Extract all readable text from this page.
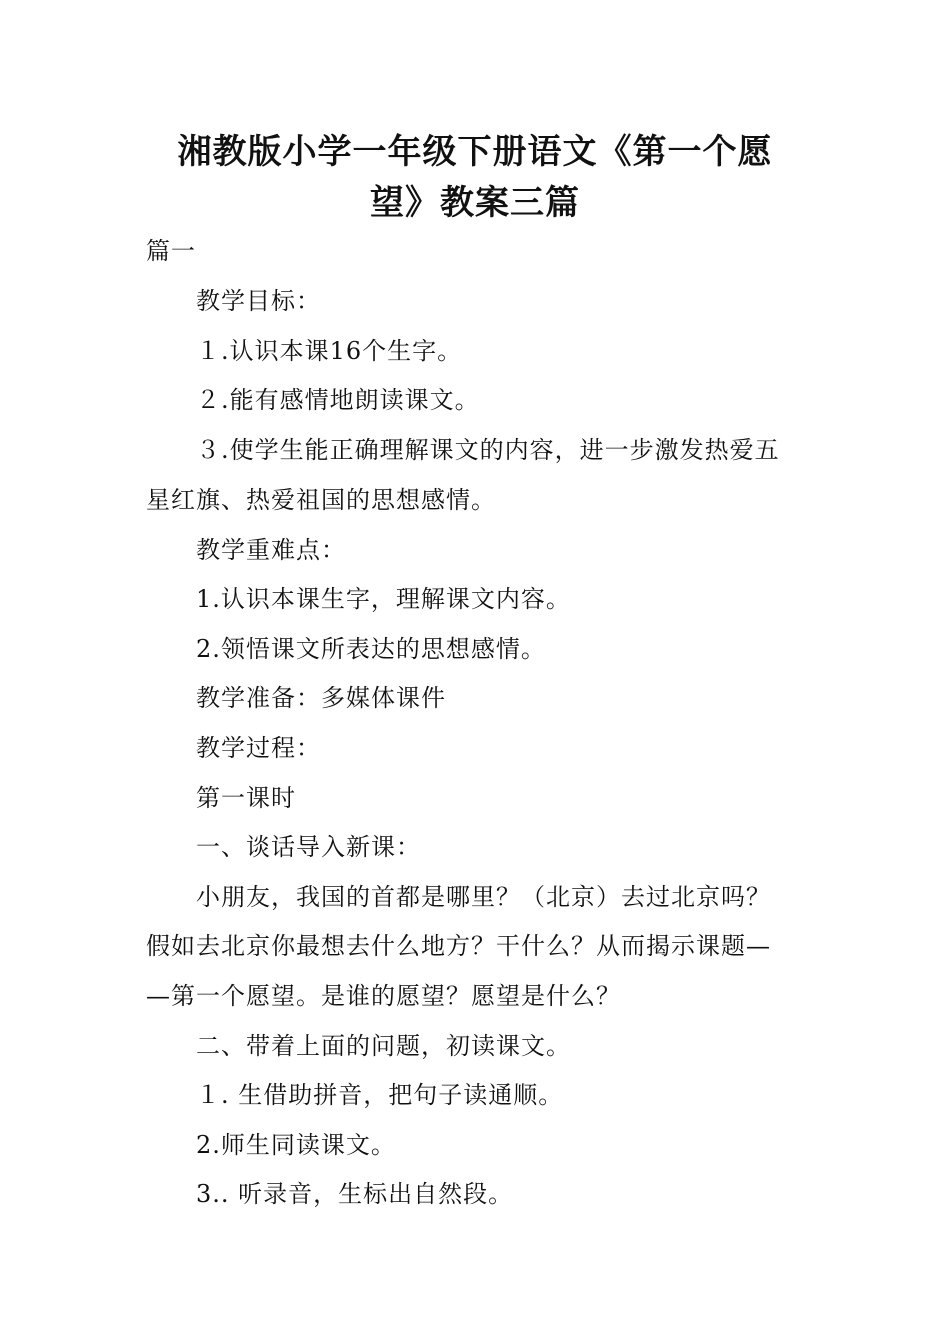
湘教版小学一年级下册语文《第一个愿
望》教案三篇
篇一
教学目标：
１.认识本课16个生字。
２.能有感情地朗读课文。
３.使学生能正确理解课文的内容，进一步激发热爱五
星红旗、热爱祖国的思想感情。
教学重难点：
1.认识本课生字，理解课文内容。
2.领悟课文所表达的思想感情。
教学准备：多媒体课件
教学过程：
第一课时
一、谈话导入新课：
小朋友，我国的首都是哪里？（北京）去过北京吗？
假如去北京你最想去什么地方？干什么？从而揭示课题—
—第一个愿望。是谁的愿望？愿望是什么？
二、带着上面的问题，初读课文。
１. 生借助拼音，把句子读通顺。
2.师生同读课文。
3.. 听录音，生标出自然段。
